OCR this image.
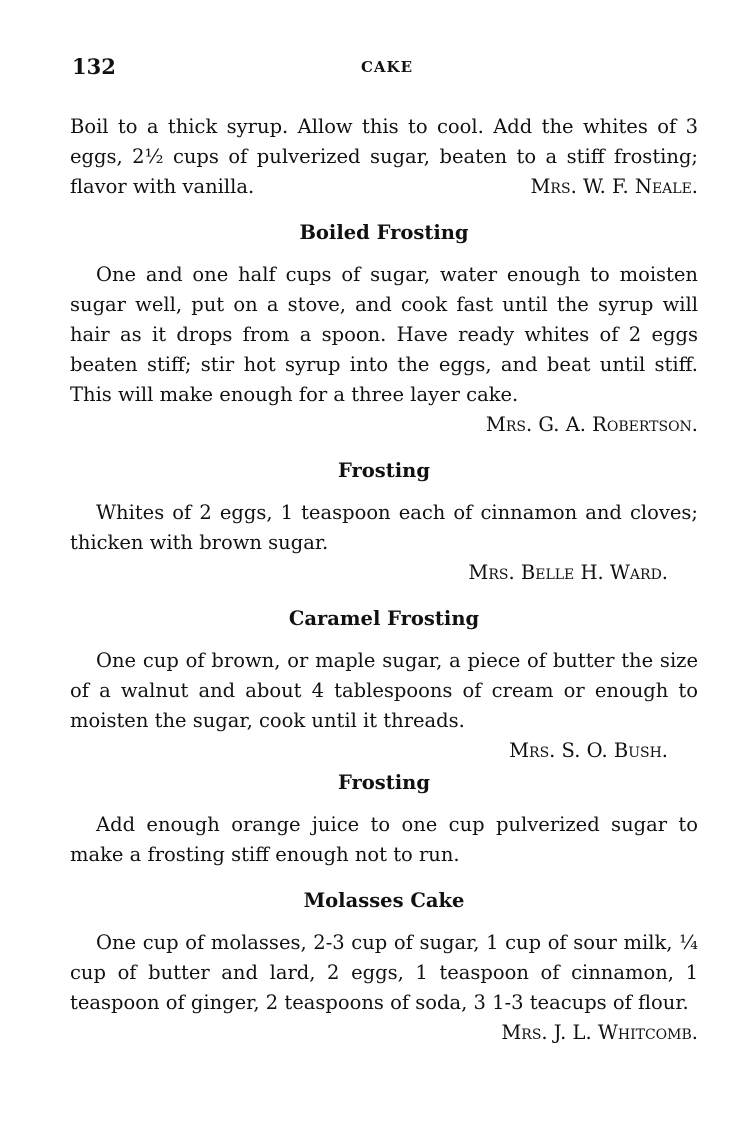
132	CAKE

Boil to a thick syrup. Allow this to cool. Add the whites of 3 eggs, 2½ cups of pulverized sugar, beaten to a stiff frosting; flavor with vanilla.	Mrs. W. F. Neale.

Boiled Frosting

One and one half cups of sugar, water enough to moisten sugar well, put on a stove, and cook fast until the syrup will hair as it drops from a spoon. Have ready whites of 2 eggs beaten stiff; stir hot syrup into the eggs, and beat until stiff. This will make enough for a three layer cake.
Mrs. G. A. Robertson.

Frosting

Whites of 2 eggs, 1 teaspoon each of cinnamon and cloves; thicken with brown sugar.

Mrs. Belle H. Ward.
Caramel Frosting

One cup of brown, or maple sugar, a piece of butter the size of a walnut and about 4 tablespoons of cream or enough to moisten the sugar, cook until it threads.

Mrs. S. O. Bush.
Frosting

Add enough orange juice to one cup pulverized sugar to make a frosting stiff enough not to run.

Molasses Cake

One cup of molasses, 2-3 cup of sugar, 1 cup of sour milk, ¼ cup of butter and lard, 2 eggs, 1 teaspoon of cinnamon, 1 teaspoon of ginger, 2 teaspoons of soda, 3 1-3 teacups of flour.
Mrs. J. L. Whitcomb.
